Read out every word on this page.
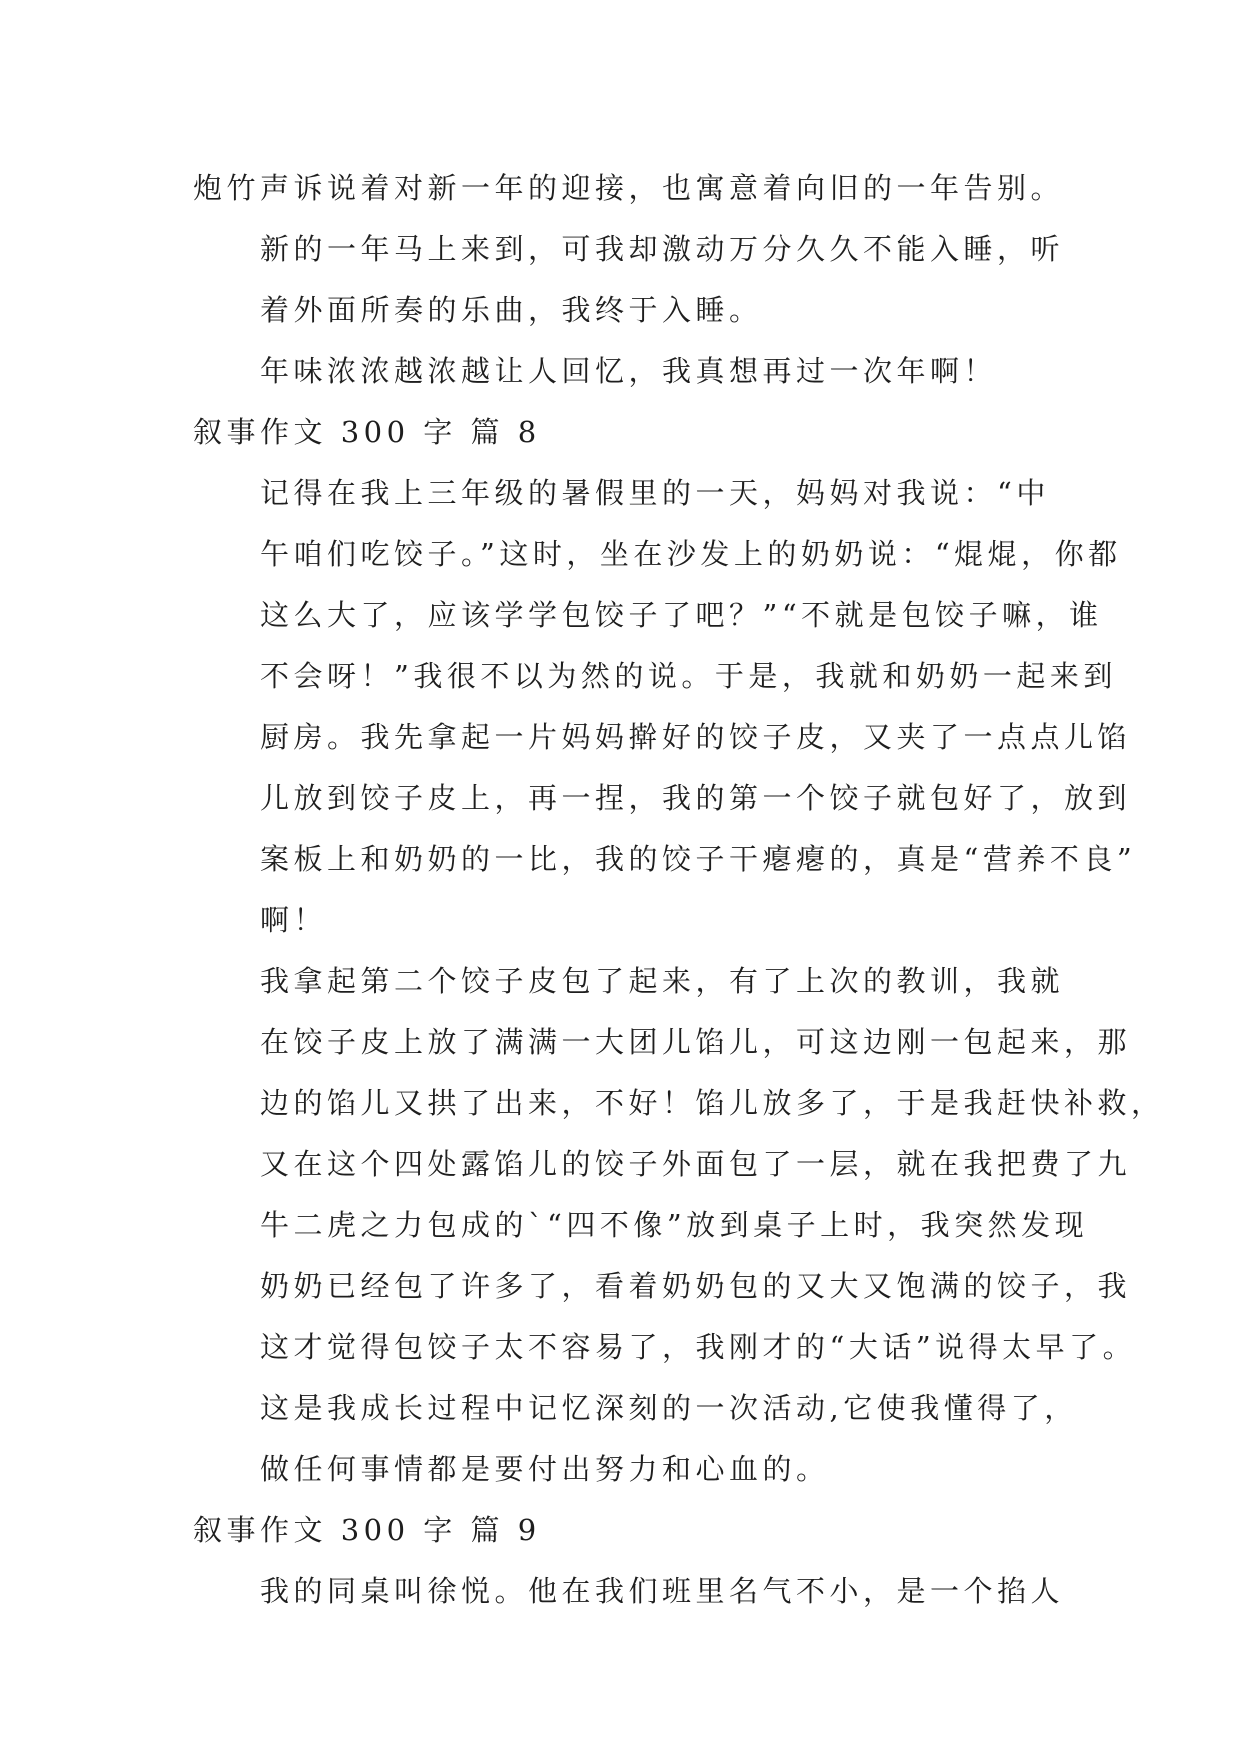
炮竹声诉说着对新一年的迎接，也寓意着向旧的一年告别。

新的一年马上来到，可我却激动万分久久不能入睡，听
着外面所奏的乐曲，我终于入睡。

年味浓浓越浓越让人回忆，我真想再过一次年啊！

叙事作文 300 字 篇 8

记得在我上三年级的暑假里的一天，妈妈对我说：“中
午咱们吃饺子。”这时，坐在沙发上的奶奶说：“焜焜，你都
这么大了，应该学学包饺子了吧？”“不就是包饺子嘛，谁
不会呀！”我很不以为然的说。于是，我就和奶奶一起来到
厨房。我先拿起一片妈妈擀好的饺子皮，又夹了一点点儿馅
儿放到饺子皮上，再一捏，我的第一个饺子就包好了，放到
案板上和奶奶的一比，我的饺子干瘪瘪的，真是“营养不良”
啊！

我拿起第二个饺子皮包了起来，有了上次的教训，我就
在饺子皮上放了满满一大团儿馅儿，可这边刚一包起来，那
边的馅儿又拱了出来，不好！馅儿放多了，于是我赶快补救，
又在这个四处露馅儿的饺子外面包了一层，就在我把费了九
牛二虎之力包成的`“四不像”放到桌子上时，我突然发现
奶奶已经包了许多了，看着奶奶包的又大又饱满的饺子，我
这才觉得包饺子太不容易了，我刚才的“大话”说得太早了。

这是我成长过程中记忆深刻的一次活动,它使我懂得了，
做任何事情都是要付出努力和心血的。

叙事作文 300 字 篇 9

我的同桌叫徐悦。他在我们班里名气不小，是一个掐人
